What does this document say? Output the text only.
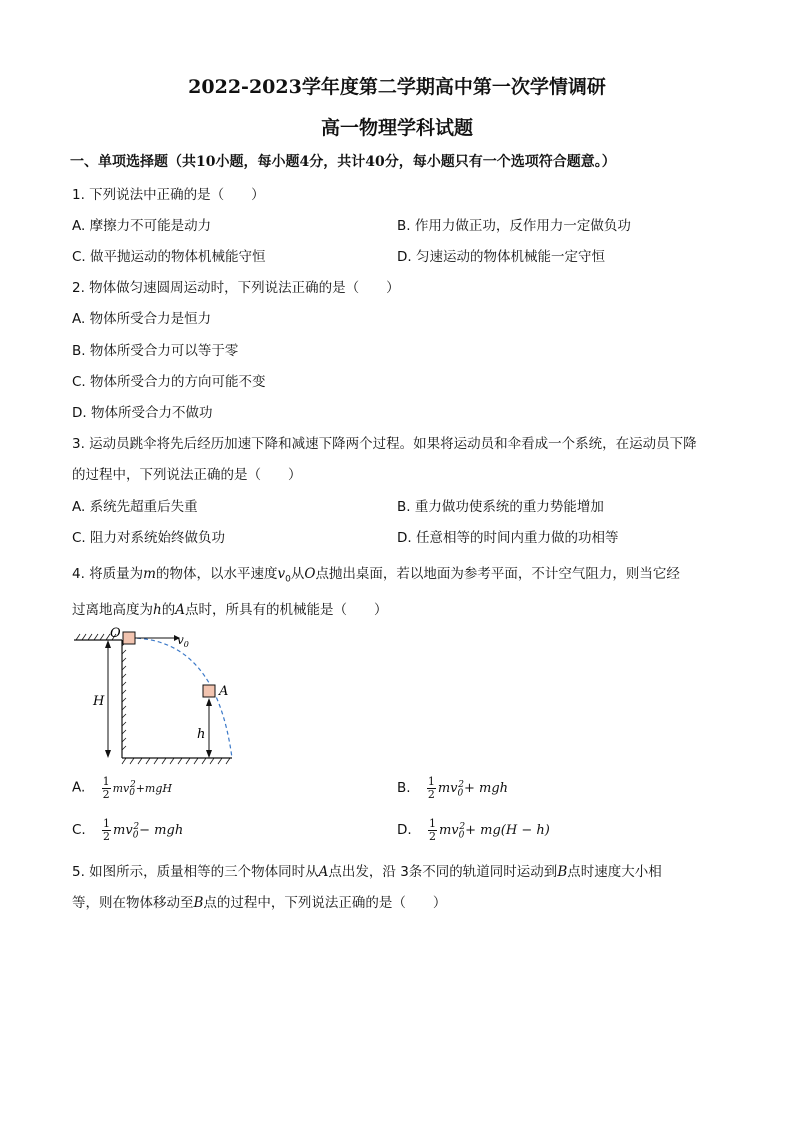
2022-2023学年度第二学期高中第一次学情调研
高一物理学科试题
一、单项选择题（共10小题，每小题4分，共计40分，每小题只有一个选项符合题意。）
1. 下列说法中正确的是（　　）
A. 摩擦力不可能是动力	B. 作用力做正功，反作用力一定做负功
C. 做平抛运动的物体机械能守恒	D. 匀速运动的物体机械能一定守恒
2. 物体做匀速圆周运动时，下列说法正确的是（　　）
A. 物体所受合力是恒力
B. 物体所受合力可以等于零
C. 物体所受合力的方向可能不变
D. 物体所受合力不做功
3. 运动员跳伞将先后经历加速下降和减速下降两个过程。如果将运动员和伞看成一个系统，在运动员下降
的过程中，下列说法正确的是（　　）
A. 系统先超重后失重	B. 重力做功使系统的重力势能增加
C. 阻力对系统始终做负功	D. 任意相等的时间内重力做的功相等
4. 将质量为m的物体，以水平速度$v_0$从O点抛出桌面，若以地面为参考平面，不计空气阻力，则当它经
过离地高度为h的A点时，所具有的机械能是（　　）
O	$v_0$
A
H
h
A. $\frac{1}{2} mv_0^2+mgH$	B. $\frac{1}{2} mv_0^2+$ mgh
C. $\frac{1}{2} mv_0^2-$ mgh	D. $\frac{1}{2} mv_0^2+ mg(H - h)$
5. 如图所示，质量相等的三个物体同时从A点出发，沿 3条不同的轨道同时运动到B点时速度大小相
等，则在物体移动至B点的过程中，下列说法正确的是（　　）
